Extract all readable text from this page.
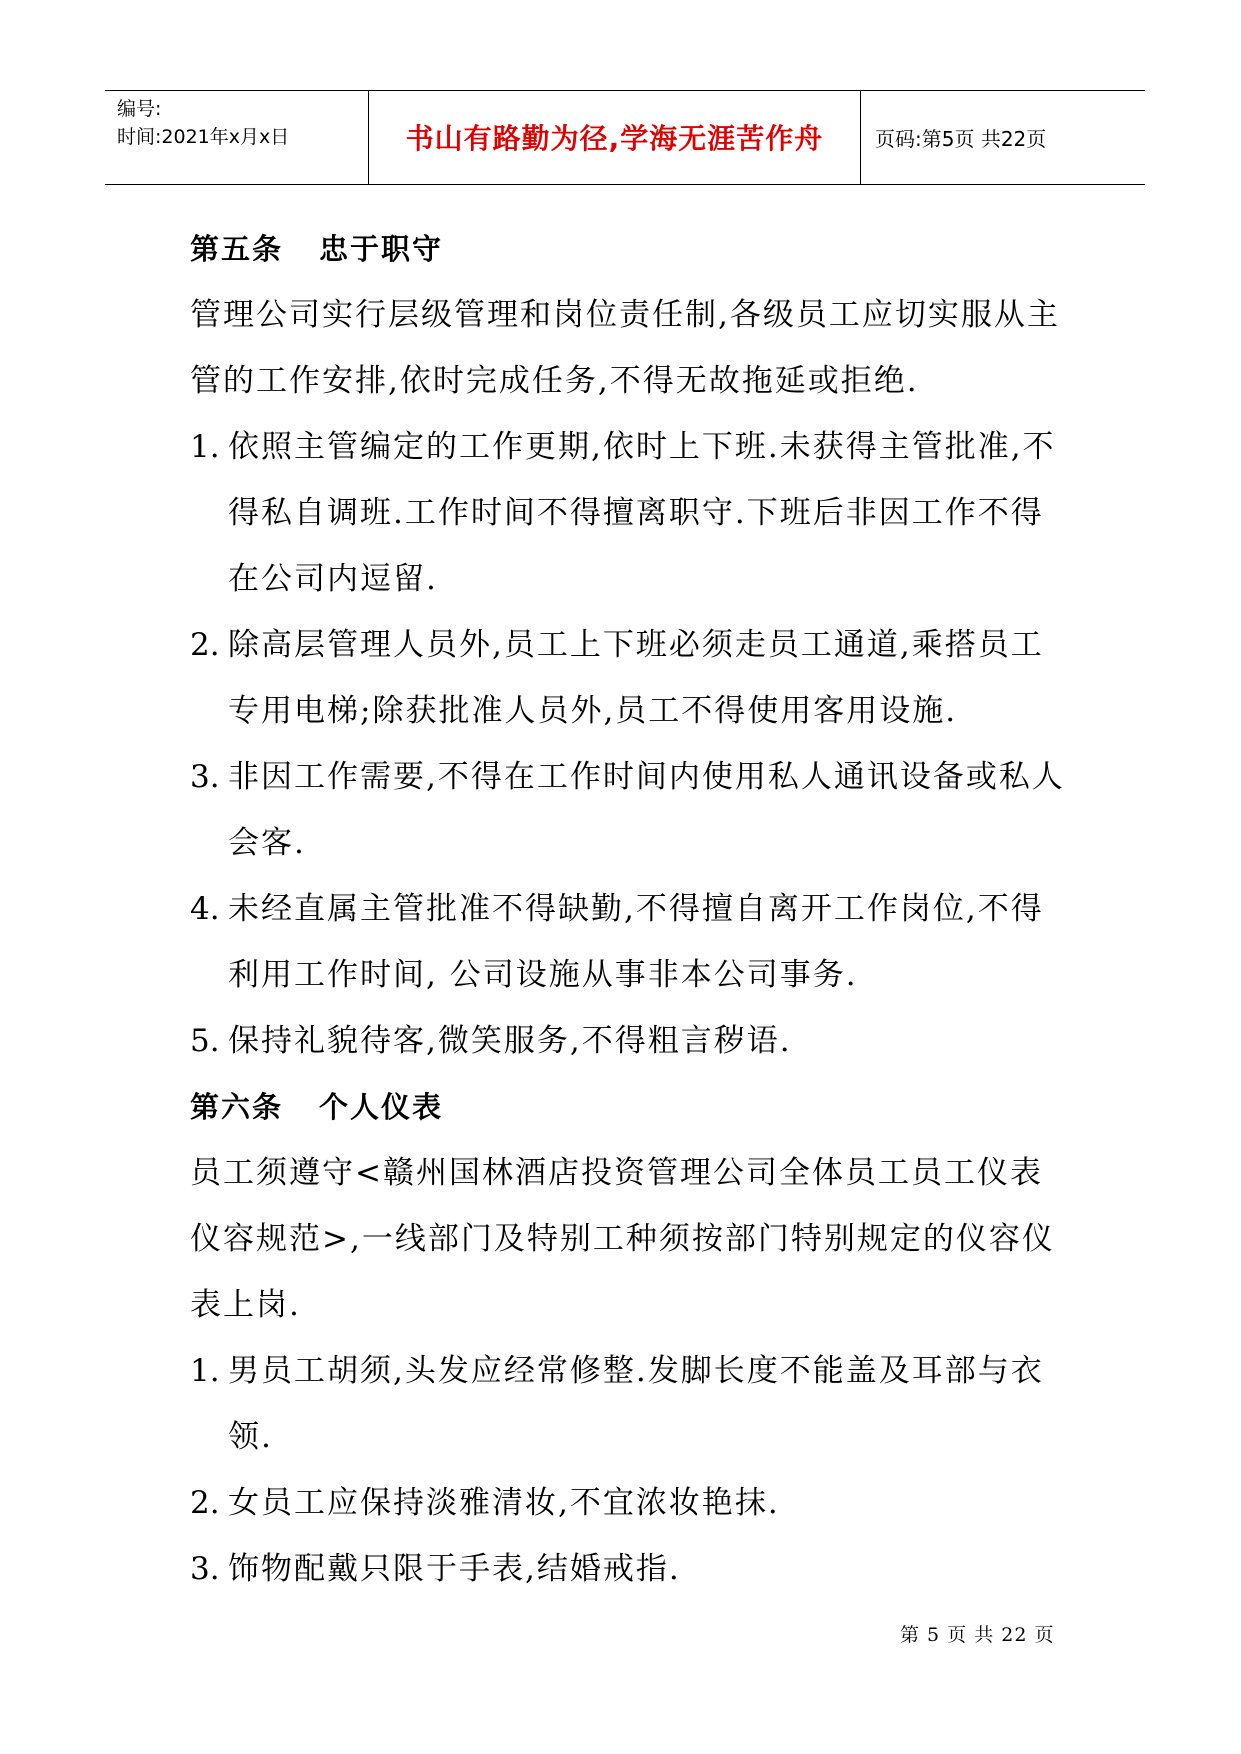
编号:
时间:2021年x月x日	书山有路勤为径,学海无涯苦作舟	页码:第5页 共22页
第五条 忠于职守

管理公司实行层级管理和岗位责任制,各级员工应切实服从主管的工作安排,依时完成任务,不得无故拖延或拒绝.

1. 依照主管编定的工作更期,依时上下班.未获得主管批准,不得私自调班.工作时间不得擅离职守.下班后非因工作不得在公司内逗留.
2. 除高层管理人员外,员工上下班必须走员工通道,乘搭员工专用电梯;除获批准人员外,员工不得使用客用设施.
3. 非因工作需要,不得在工作时间内使用私人通讯设备或私人会客.
4. 未经直属主管批准不得缺勤,不得擅自离开工作岗位,不得利用工作时间, 公司设施从事非本公司事务.
5. 保持礼貌待客,微笑服务,不得粗言秽语.
第六条 个人仪表

员工须遵守<赣州国林酒店投资管理公司全体员工员工仪表仪容规范>,一线部门及特别工种须按部门特别规定的仪容仪表上岗.

1. 男员工胡须,头发应经常修整.发脚长度不能盖及耳部与衣领.
2. 女员工应保持淡雅清妆,不宜浓妆艳抹.
3. 饰物配戴只限于手表,结婚戒指.
第 5 页 共 22 页
